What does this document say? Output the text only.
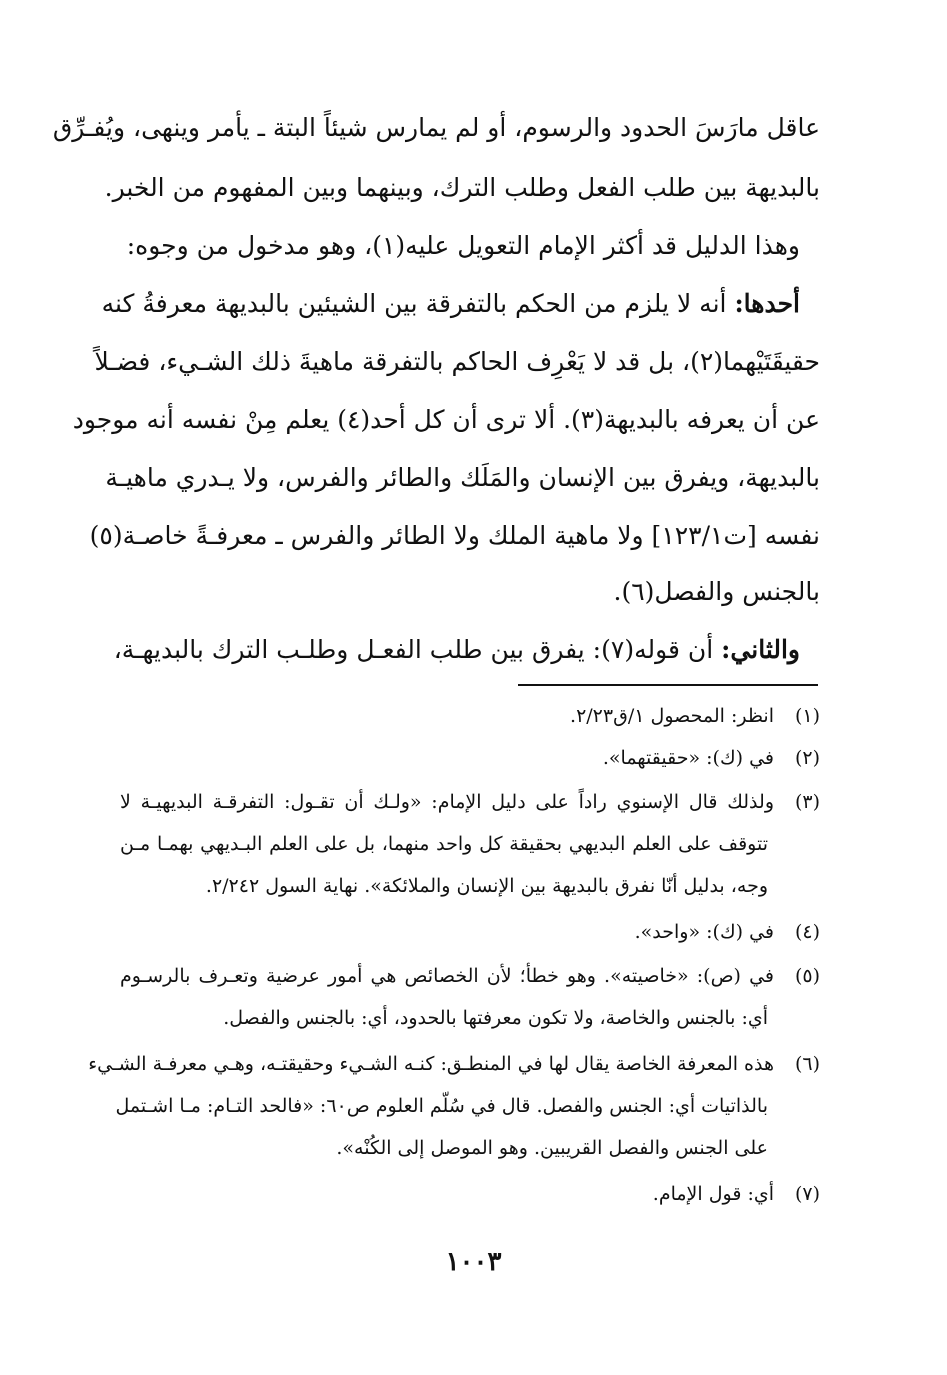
عاقل مارَسَ الحدود والرسوم، أو لم يمارس شيئاً البتة ـ يأمر وينهى، ويُفـرِّق
بالبديهة بين طلب الفعل وطلب الترك، وبينهما وبين المفهوم من الخبر.
وهذا الدليل قد أكثر الإمام التعويل عليه(١)، وهو مدخول من وجوه:
أحدها: أنه لا يلزم من الحكم بالتفرقة بين الشيئين بالبديهة معرفةُ كنه
حقيقَتَيْهما(٢)، بل قد لا يَعْرِف الحاكم بالتفرقة ماهيةَ ذلك الشـيء، فضـلاً
عن أن يعرفه بالبديهة(٣). ألا ترى أن كل أحد(٤) يعلم مِنْ نفسه أنه موجود
بالبديهة، ويفرق بين الإنسان والمَلَك والطائر والفرس، ولا يـدري ماهيـة
نفسه [ت١٢٣/١] ولا ماهية الملك ولا الطائر والفرس ـ معرفـةً خاصـة(٥)
بالجنس والفصل(٦).
والثاني: أن قوله(٧): يفرق بين طلب الفعـل وطلـب الترك بالبديهـة،
(١)انظر: المحصول ١/ق٢/٢٣.
(٢)في (ك): «حقيقتهما».
(٣)ولذلك قال الإسنوي راداً على دليل الإمام: «ولـك أن تقـول: التفرقـة البديهيـة لا
تتوقف على العلم البديهي بحقيقة كل واحد منهما، بل على العلم البـديهي بهمـا مـن
وجه، بدليل أنّا نفرق بالبديهة بين الإنسان والملائكة». نهاية السول ٢/٢٤٢.
(٤)في (ك): «واحد».
(٥)في (ص): «خاصيته». وهو خطأ؛ لأن الخصائص هي أمور عرضية وتعـرف بالرسـوم
أي: بالجنس والخاصة، ولا تكون معرفتها بالحدود، أي: بالجنس والفصل.
(٦)هذه المعرفة الخاصة يقال لها في المنطـق: كنـه الشـيء وحقيقتـه، وهـي معرفـة الشـيء
بالذاتيات أي: الجنس والفصل. قال في سُلّم العلوم ص٦٠: «فالحد التـام: مـا اشـتمل
على الجنس والفصل القريبين. وهو الموصل إلى الكُنْه».
(٧)أي: قول الإمام.
١٠٠٣
